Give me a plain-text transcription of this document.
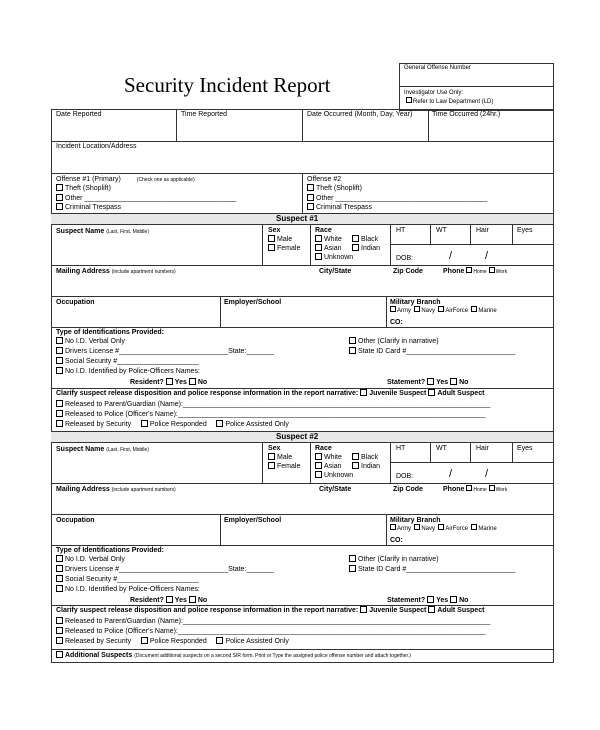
Security Incident Report
General Offense Number
Investigator Use Only:
Refer to Law Department (LD)
Date Reported	Time Reported	Date Occurred (Month, Day, Year)	Time Occurred (24hr.)
Incident Location/Address
Offense #1 (Primary)	(Check one as applicable)
Theft (Shoplift)
Other _______________________________________
Criminal Trespass
Offense #2
Theft (Shoplift)
Other _______________________________________
Criminal Trespass
Suspect #1
Suspect Name (Last, First, Middle)	Sex
Male
Female
Race
White	Black
Asian	Indian
Unknown
HT	WT	Hair	Eyes
DOB:	/	/
Mailing Address (include apartment numbers)	City/State	Zip Code	Phone Home Work
Occupation	Employer/School	Military Branch
Army Navy AirForce Marine
CO:
Type of Identifications Provided:
No I.D. Verbal Only
Drivers License #____________________________State:_______
Social Security #_____________________
No I.D. Identified by Police-Officers Names:
Other (Clarify in narrative)
State ID Card #____________________________
Resident? Yes No	Statement? Yes No
Clarify suspect release disposition and police response information in the report narrative: Juvenile Suspect Adult Suspect
Released to Parent/Guardian (Name):_______________________________________________________________________________
Released to Police (Officer's Name):_______________________________________________________________________________
Released by Security	Police Responded	Police Assisted Only
Suspect #2
Suspect Name (Last, First, Middle)	Sex
Male
Female
Race
White	Black
Asian	Indian
Unknown
HT	WT	Hair	Eyes
DOB:	/	/
Mailing Address (include apartment numbers)	City/State	Zip Code	Phone Home Work
Occupation	Employer/School	Military Branch
Army Navy AirForce Marine
CO:
Type of Identifications Provided:
No I.D. Verbal Only
Drivers License #____________________________State:_______
Social Security #_____________________
No I.D. Identified by Police-Officers Names:
Other (Clarify in narrative)
State ID Card #____________________________
Resident? Yes No	Statement? Yes No
Clarify suspect release disposition and police response information in the report narrative: Juvenile Suspect Adult Suspect
Released to Parent/Guardian (Name):_______________________________________________________________________________
Released to Police (Officer's Name):_______________________________________________________________________________
Released by Security	Police Responded	Police Assisted Only
Additional Suspects (Document additional suspects on a second SIR form. Print or Type the assigned police offense number and attach together.)
